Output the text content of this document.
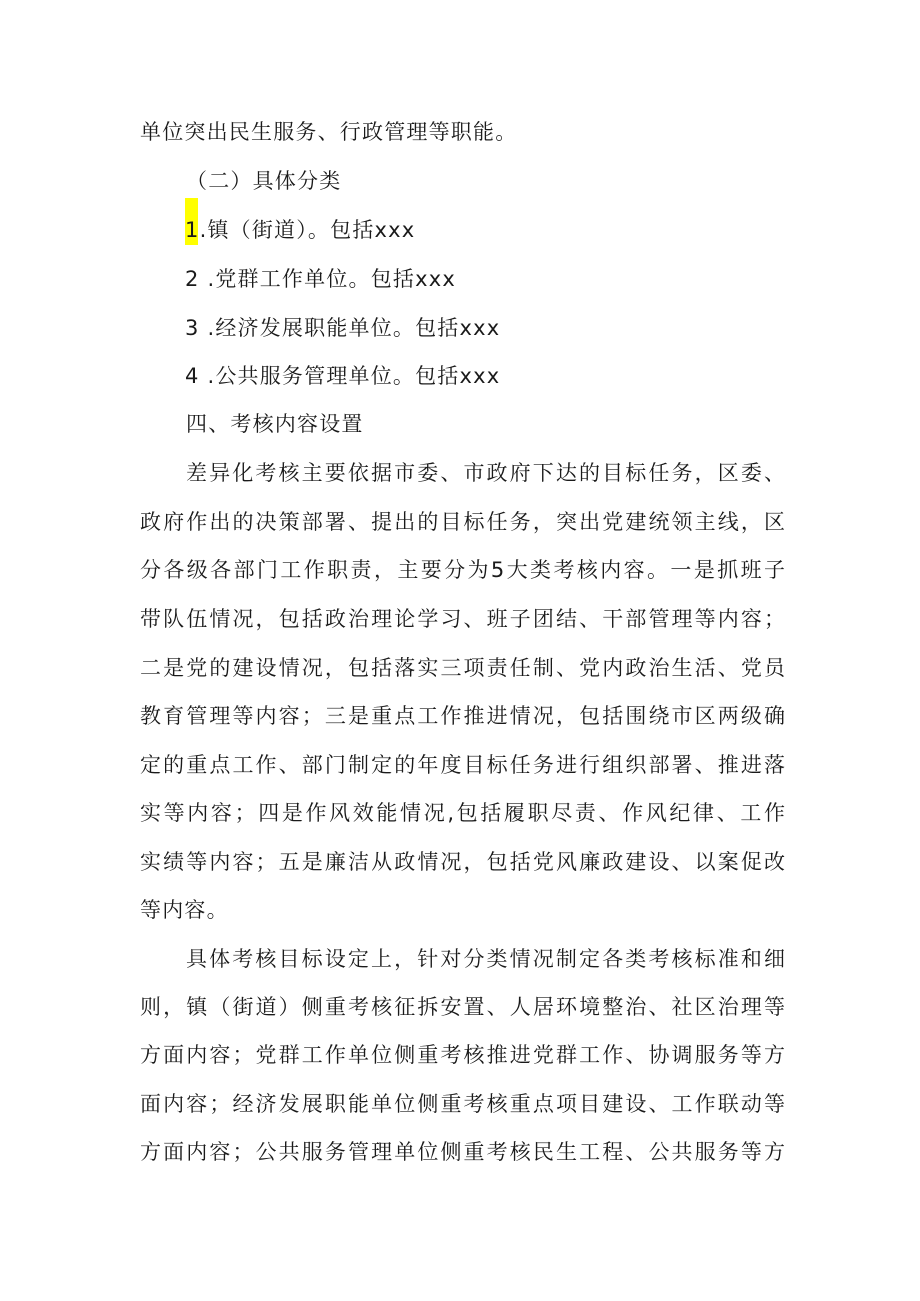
单位突出民生服务、行政管理等职能。
（二）具体分类
1.镇（街道）。包括xxx
2 .党群工作单位。包括xxx
3 .经济发展职能单位。包括xxx
4 .公共服务管理单位。包括xxx
四、考核内容设置
差异化考核主要依据市委、市政府下达的目标任务，区委、
政府作出的决策部署、提出的目标任务，突出党建统领主线，区
分各级各部门工作职责，主要分为5大类考核内容。一是抓班子
带队伍情况，包括政治理论学习、班子团结、干部管理等内容；
二是党的建设情况，包括落实三项责任制、党内政治生活、党员
教育管理等内容；三是重点工作推进情况，包括围绕市区两级确
定的重点工作、部门制定的年度目标任务进行组织部署、推进落
实等内容；四是作风效能情况,包括履职尽责、作风纪律、工作
实绩等内容；五是廉洁从政情况，包括党风廉政建设、以案促改
等内容。
具体考核目标设定上，针对分类情况制定各类考核标准和细
则，镇（街道）侧重考核征拆安置、人居环境整治、社区治理等
方面内容；党群工作单位侧重考核推进党群工作、协调服务等方
面内容；经济发展职能单位侧重考核重点项目建设、工作联动等
方面内容；公共服务管理单位侧重考核民生工程、公共服务等方
